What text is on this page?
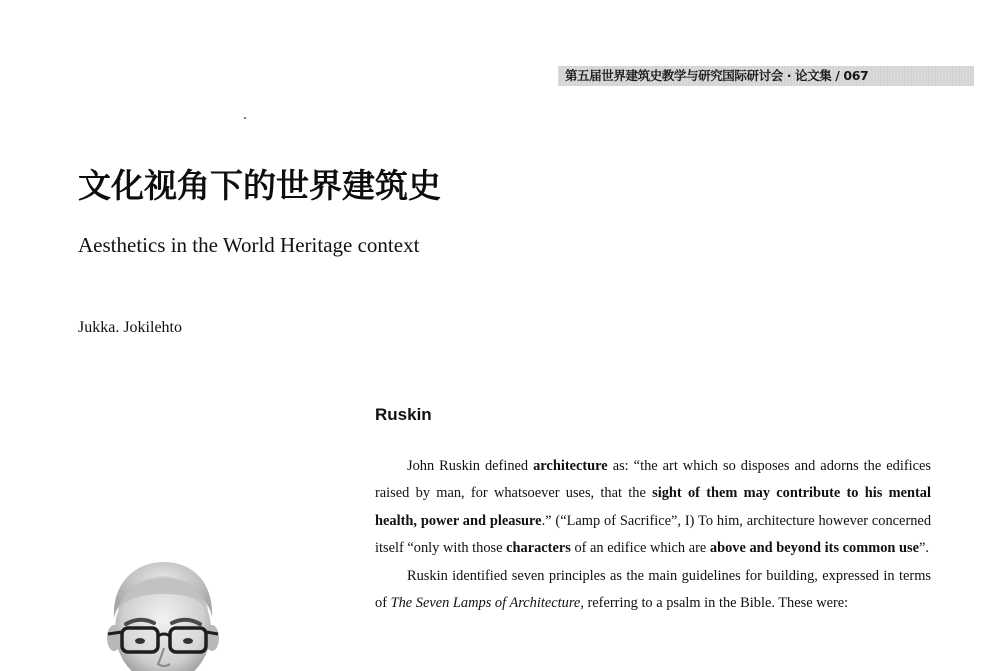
第五届世界建筑史教学与研究国际研讨会 · 论文集 / 067
文化视角下的世界建筑史
Aesthetics in the World Heritage context
Jukka. Jokilehto
Ruskin

John Ruskin defined architecture as: “the art which so disposes and adorns the edifices raised by man, for whatsoever uses, that the sight of them may contribute to his mental health, power and pleasure.” (“Lamp of Sacrifice”, I) To him, architecture however concerned itself “only with those characters of an edifice which are above and beyond its common use”.

Ruskin identified seven principles as the main guidelines for building, expressed in terms of The Seven Lamps of Architecture, referring to a psalm in the Bible. These were:
